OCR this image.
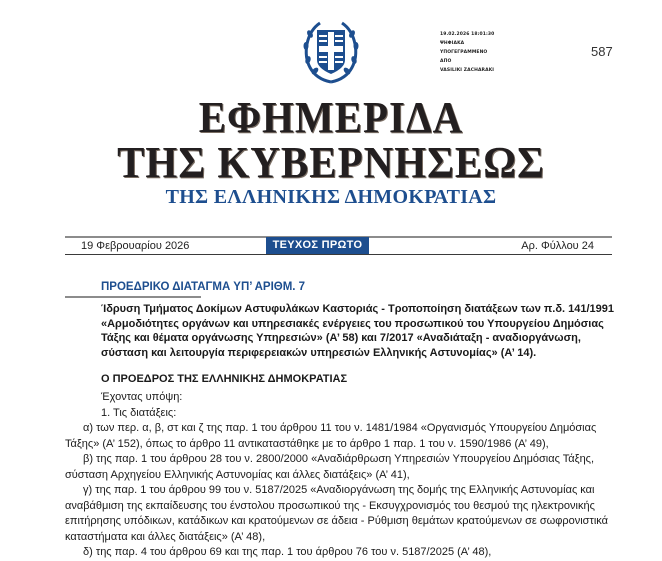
19.02.2026 18:01:30
ΨΗΦΙΑΚΑ
ΥΠΟΓΕΓΡΑΜΜΕΝΟ
ΑΠΟ
VASILIKI ZACHARAKI
587
ΕΦΗΜΕΡΙΔΑ
ΤΗΣ ΚΥΒΕΡΝΗΣΕΩΣ
ΤΗΣ ΕΛΛΗΝΙΚΗΣ ΔΗΜΟΚΡΑΤΙΑΣ
19 Φεβρουαρίου 2026	ΤΕΥΧΟΣ ΠΡΩΤΟ	Αρ. Φύλλου 24
ΠΡΟΕΔΡΙΚΟ ΔΙΑΤΑΓΜΑ ΥΠ’ ΑΡΙΘΜ. 7
Ίδρυση Τμήματος Δοκίμων Αστυφυλάκων Καστοριάς - Τροποποίηση διατάξεων των π.δ. 141/1991 «Αρμοδιότητες οργάνων και υπηρεσιακές ενέργειες του προσωπικού του Υπουργείου Δημόσιας Τάξης και θέματα οργάνωσης Υπηρεσιών» (Α’ 58) και 7/2017 «Αναδιάταξη - αναδιοργάνωση, σύσταση και λειτουργία περιφερειακών υπηρεσιών Ελληνικής Αστυνομίας» (Α’ 14).
Ο ΠΡΟΕΔΡΟΣ ΤΗΣ ΕΛΛΗΝΙΚΗΣ ΔΗΜΟΚΡΑΤΙΑΣ

Έχοντας υπόψη:

1. Τις διατάξεις:

α) των περ. α, β, στ και ζ της παρ. 1 του άρθρου 11 του ν. 1481/1984 «Οργανισμός Υπουργείου Δημόσιας Τάξης» (Α’ 152), όπως το άρθρο 11 αντικαταστάθηκε με το άρθρο 1 παρ. 1 του ν. 1590/1986 (Α’ 49),

β) της παρ. 1 του άρθρου 28 του ν. 2800/2000 «Αναδιάρθρωση Υπηρεσιών Υπουργείου Δημόσιας Τάξης, σύσταση Αρχηγείου Ελληνικής Αστυνομίας και άλλες διατάξεις» (Α’ 41),

γ) της παρ. 1 του άρθρου 99 του ν. 5187/2025 «Αναδιοργάνωση της δομής της Ελληνικής Αστυνομίας και αναβάθμιση της εκπαίδευσης του ένστολου προσωπικού της - Εκσυγχρονισμός του θεσμού της ηλεκτρονικής επιτήρησης υπόδικων, κατάδικων και κρατούμενων σε άδεια - Ρύθμιση θεμάτων κρατούμενων σε σωφρονιστικά καταστήματα και άλλες διατάξεις» (Α’ 48),

δ) της παρ. 4 του άρθρου 69 και της παρ. 1 του άρθρου 76 του ν. 5187/2025 (Α’ 48),
